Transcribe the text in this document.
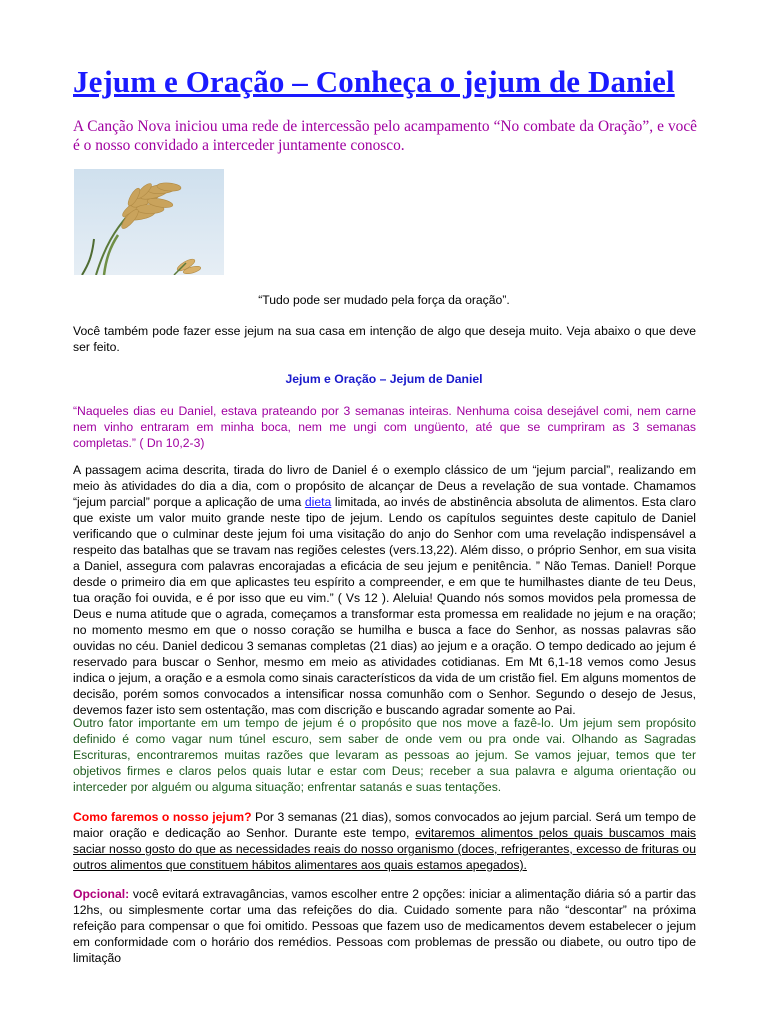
Jejum e Oração – Conheça o jejum de Daniel

A Canção Nova iniciou uma rede de intercessão pelo acampamento “No combate da Oração”, e você é o nosso convidado a interceder juntamente conosco.

“Tudo pode ser mudado pela força da oração”.

Você também pode fazer esse jejum na sua casa em intenção de algo que deseja muito. Veja abaixo o que deve ser feito.

Jejum e Oração – Jejum de Daniel

“Naqueles dias eu Daniel, estava prateando por 3 semanas inteiras. Nenhuma coisa desejável comi, nem carne nem vinho entraram em minha boca, nem me ungi com ungüento, até que se cumpriram as 3 semanas completas.” ( Dn 10,2-3)

A passagem acima descrita, tirada do livro de Daniel é o exemplo clássico de um “jejum parcial”, realizando em meio às atividades do dia a dia, com o propósito de alcançar de Deus a revelação de sua vontade. Chamamos “jejum parcial” porque a aplicação de uma dieta limitada, ao invés de abstinência absoluta de alimentos. Esta claro que existe um valor muito grande neste tipo de jejum. Lendo os capítulos seguintes deste capitulo de Daniel verificando que o culminar deste jejum foi uma visitação do anjo do Senhor com uma revelação indispensável a respeito das batalhas que se travam nas regiões celestes (vers.13,22). Além disso, o próprio Senhor, em sua visita a Daniel, assegura com palavras encorajadas a eficácia de seu jejum e penitência. ” Não Temas. Daniel! Porque desde o primeiro dia em que aplicastes teu espírito a compreender, e em que te humilhastes diante de teu Deus, tua oração foi ouvida, e é por isso que eu vim.” ( Vs 12 ). Aleluia! Quando nós somos movidos pela promessa de Deus e numa atitude que o agrada, começamos a transformar esta promessa em realidade no jejum e na oração; no momento mesmo em que o nosso coração se humilha e busca a face do Senhor, as nossas palavras são ouvidas no céu. Daniel dedicou 3 semanas completas (21 dias) ao jejum e a oração. O tempo dedicado ao jejum é reservado para buscar o Senhor, mesmo em meio as atividades cotidianas. Em Mt 6,1-18 vemos como Jesus indica o jejum, a oração e a esmola como sinais característicos da vida de um cristão fiel. Em alguns momentos de decisão, porém somos convocados a intensificar nossa comunhão com o Senhor. Segundo o desejo de Jesus, devemos fazer isto sem ostentação, mas com discrição e buscando agradar somente ao Pai.

Outro fator importante em um tempo de jejum é o propósito que nos move a fazê-lo. Um jejum sem propósito definido é como vagar num túnel escuro, sem saber de onde vem ou pra onde vai. Olhando as Sagradas Escrituras, encontraremos muitas razões que levaram as pessoas ao jejum. Se vamos jejuar, temos que ter objetivos firmes e claros pelos quais lutar e estar com Deus; receber a sua palavra e alguma orientação ou interceder por alguém ou alguma situação; enfrentar satanás e suas tentações.

Como faremos o nosso jejum? Por 3 semanas (21 dias), somos convocados ao jejum parcial. Será um tempo de maior oração e dedicação ao Senhor. Durante este tempo, evitaremos alimentos pelos quais buscamos mais saciar nosso gosto do que as necessidades reais do nosso organismo (doces, refrigerantes, excesso de frituras ou outros alimentos que constituem hábitos alimentares aos quais estamos apegados).

Opcional: você evitará extravagâncias, vamos escolher entre 2 opções: iniciar a alimentação diária só a partir das 12hs, ou simplesmente cortar uma das refeições do dia. Cuidado somente para não “descontar” na próxima refeição para compensar o que foi omitido. Pessoas que fazem uso de medicamentos devem estabelecer o jejum em conformidade com o horário dos remédios. Pessoas com problemas de pressão ou diabete, ou outro tipo de limitação
